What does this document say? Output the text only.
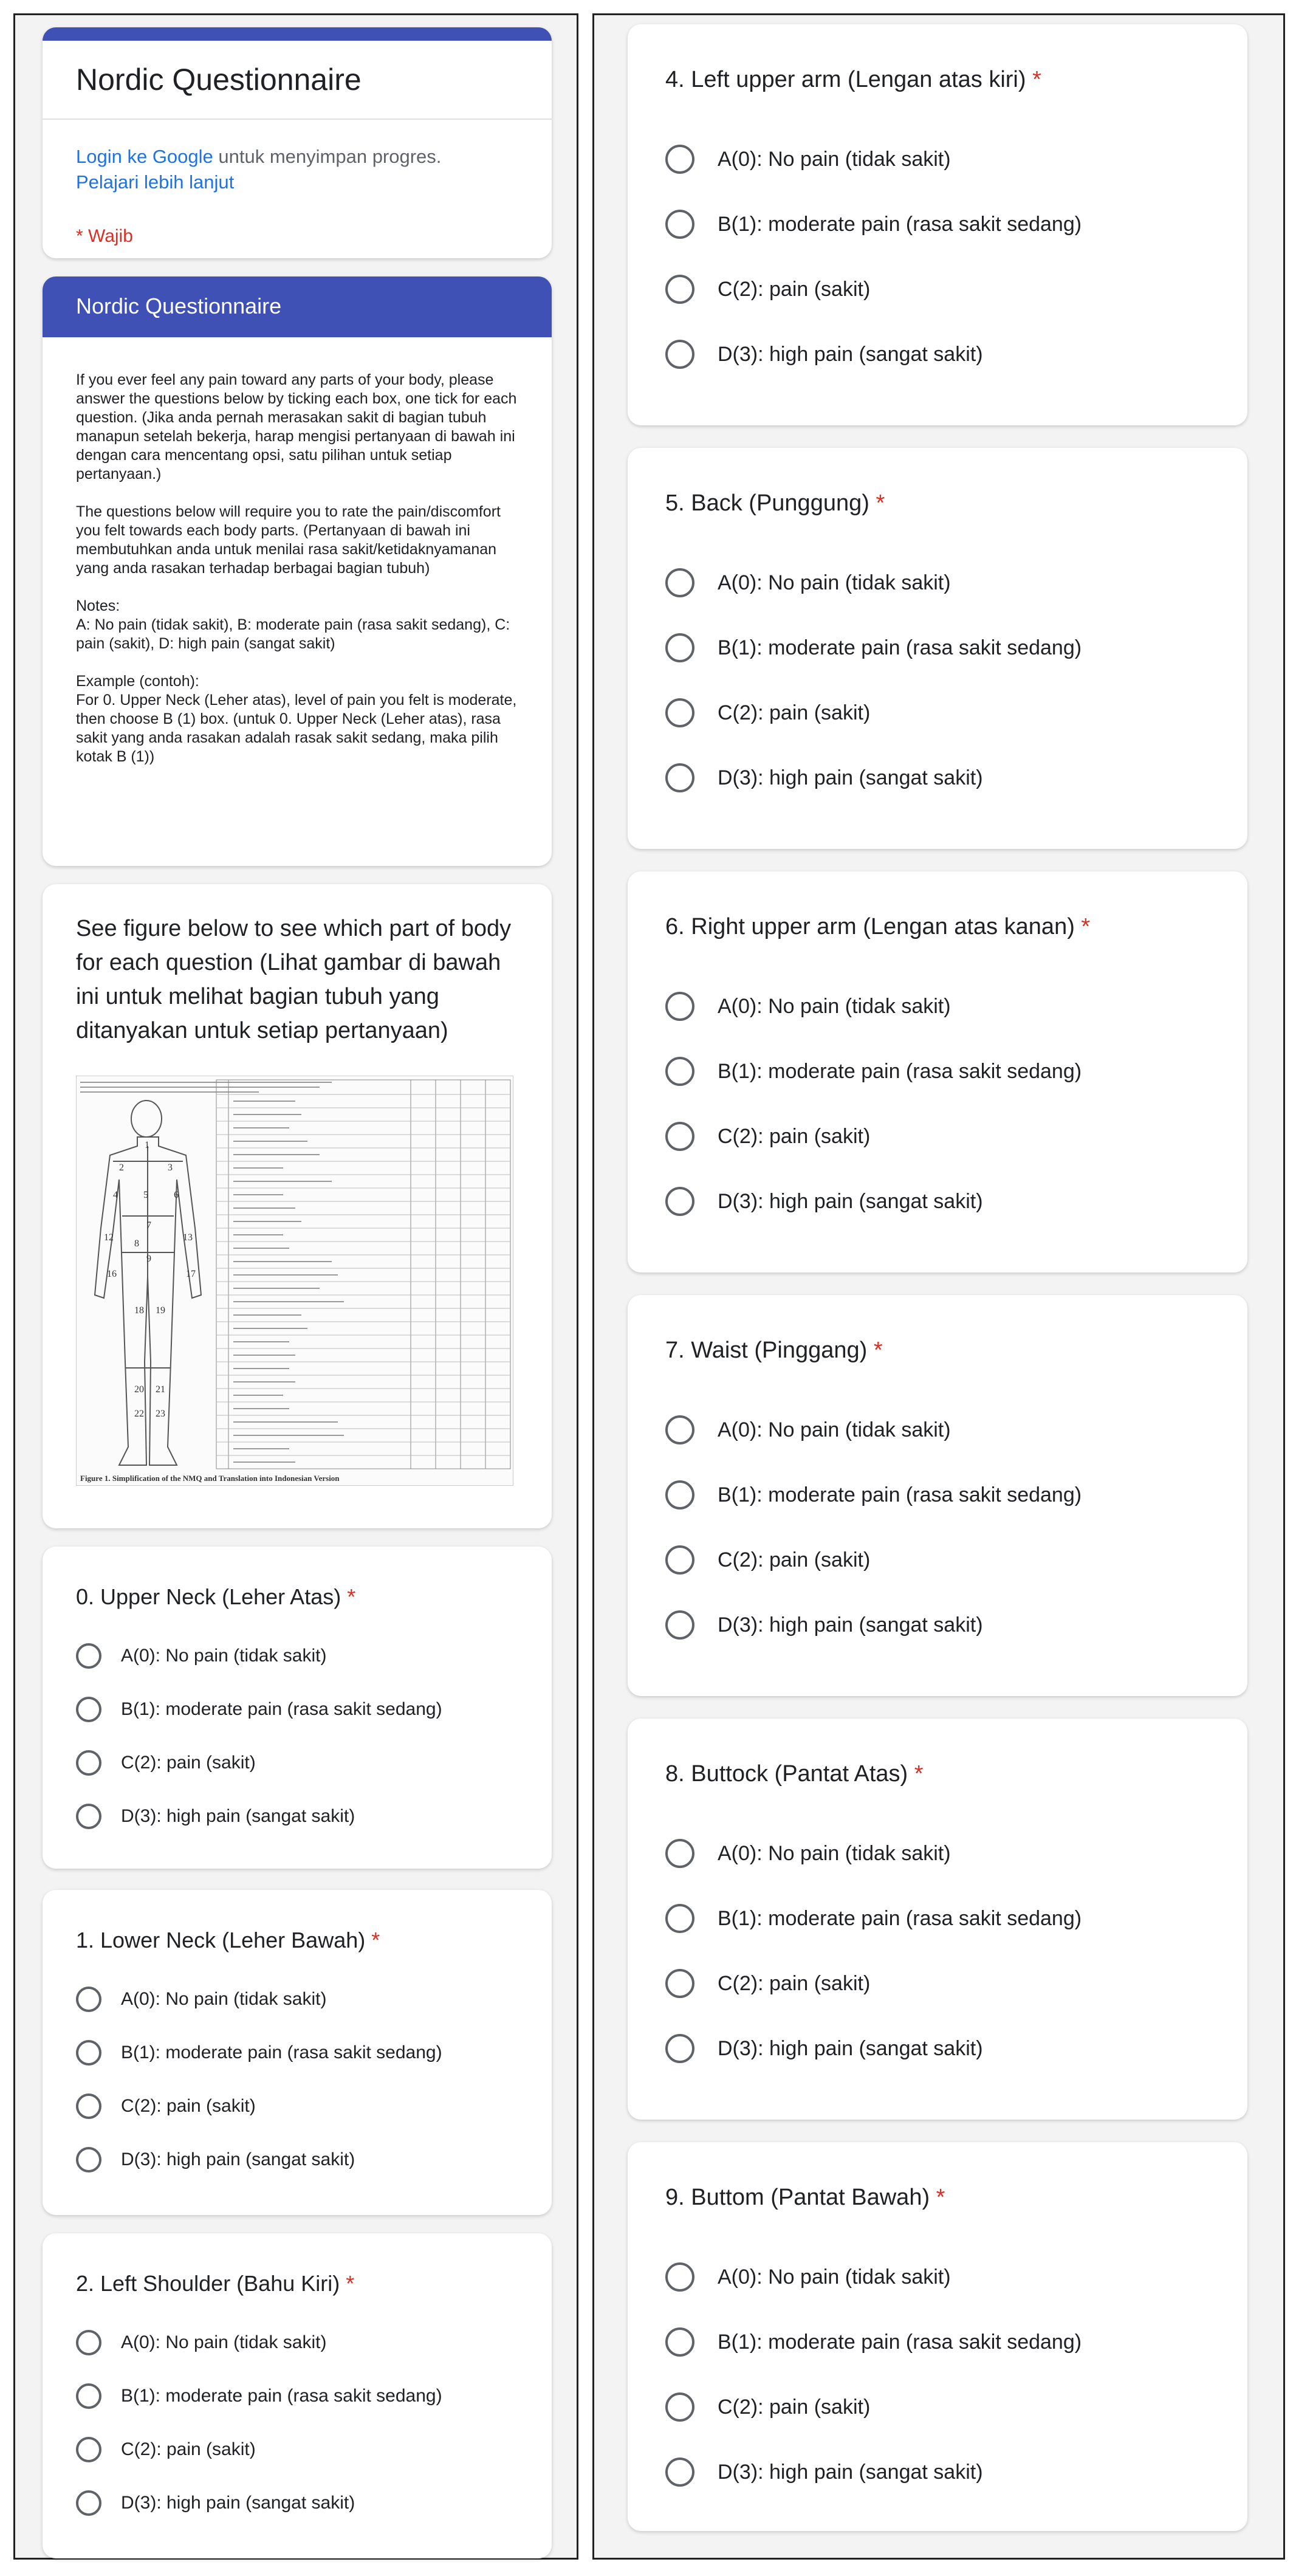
Nordic Questionnaire
Login ke Google untuk menyimpan progres.
Pelajari lebih lanjut
* Wajib
Nordic Questionnaire

If you ever feel any pain toward any parts of your body, please answer the questions below by ticking each box, one tick for each question. (Jika anda pernah merasakan sakit di bagian tubuh manapun setelah bekerja, harap mengisi pertanyaan di bawah ini dengan cara mencentang opsi, satu pilihan untuk setiap pertanyaan.)

The questions below will require you to rate the pain/discomfort you felt towards each body parts. (Pertanyaan di bawah ini membutuhkan anda untuk menilai rasa sakit/ketidaknyamanan yang anda rasakan terhadap berbagai bagian tubuh)

Notes:
A: No pain (tidak sakit), B: moderate pain (rasa sakit sedang), C: pain (sakit), D: high pain (sangat sakit)

Example (contoh):
For 0. Upper Neck (Leher atas), level of pain you felt is moderate, then choose B (1) box. (untuk 0. Upper Neck (Leher atas), rasa sakit yang anda rasakan adalah rasak sakit sedang, maka pilih kotak B (1))

See figure below to see which part of body for each question (Lihat gambar di bawah ini untuk melihat bagian tubuh yang ditanyakan untuk setiap pertanyaan)
1
2	3
4	5	6
7
8
12	13
9
16	17
18 19
20 21
22 23
Figure 1. Simplification of the NMQ and Translation into Indonesian Version
0. Upper Neck (Leher Atas) *
A(0): No pain (tidak sakit)
B(1): moderate pain (rasa sakit sedang)
C(2): pain (sakit)
D(3): high pain (sangat sakit)
1. Lower Neck (Leher Bawah) *
A(0): No pain (tidak sakit)
B(1): moderate pain (rasa sakit sedang)
C(2): pain (sakit)
D(3): high pain (sangat sakit)
2. Left Shoulder (Bahu Kiri) *
A(0): No pain (tidak sakit)
B(1): moderate pain (rasa sakit sedang)
C(2): pain (sakit)
D(3): high pain (sangat sakit)
4. Left upper arm (Lengan atas kiri) *
A(0): No pain (tidak sakit)
B(1): moderate pain (rasa sakit sedang)
C(2): pain (sakit)
D(3): high pain (sangat sakit)
5. Back (Punggung) *
A(0): No pain (tidak sakit)
B(1): moderate pain (rasa sakit sedang)
C(2): pain (sakit)
D(3): high pain (sangat sakit)
6. Right upper arm (Lengan atas kanan) *
A(0): No pain (tidak sakit)
B(1): moderate pain (rasa sakit sedang)
C(2): pain (sakit)
D(3): high pain (sangat sakit)
7. Waist (Pinggang) *
A(0): No pain (tidak sakit)
B(1): moderate pain (rasa sakit sedang)
C(2): pain (sakit)
D(3): high pain (sangat sakit)
8. Buttock (Pantat Atas) *
A(0): No pain (tidak sakit)
B(1): moderate pain (rasa sakit sedang)
C(2): pain (sakit)
D(3): high pain (sangat sakit)
9. Buttom (Pantat Bawah) *
A(0): No pain (tidak sakit)
B(1): moderate pain (rasa sakit sedang)
C(2): pain (sakit)
D(3): high pain (sangat sakit)
